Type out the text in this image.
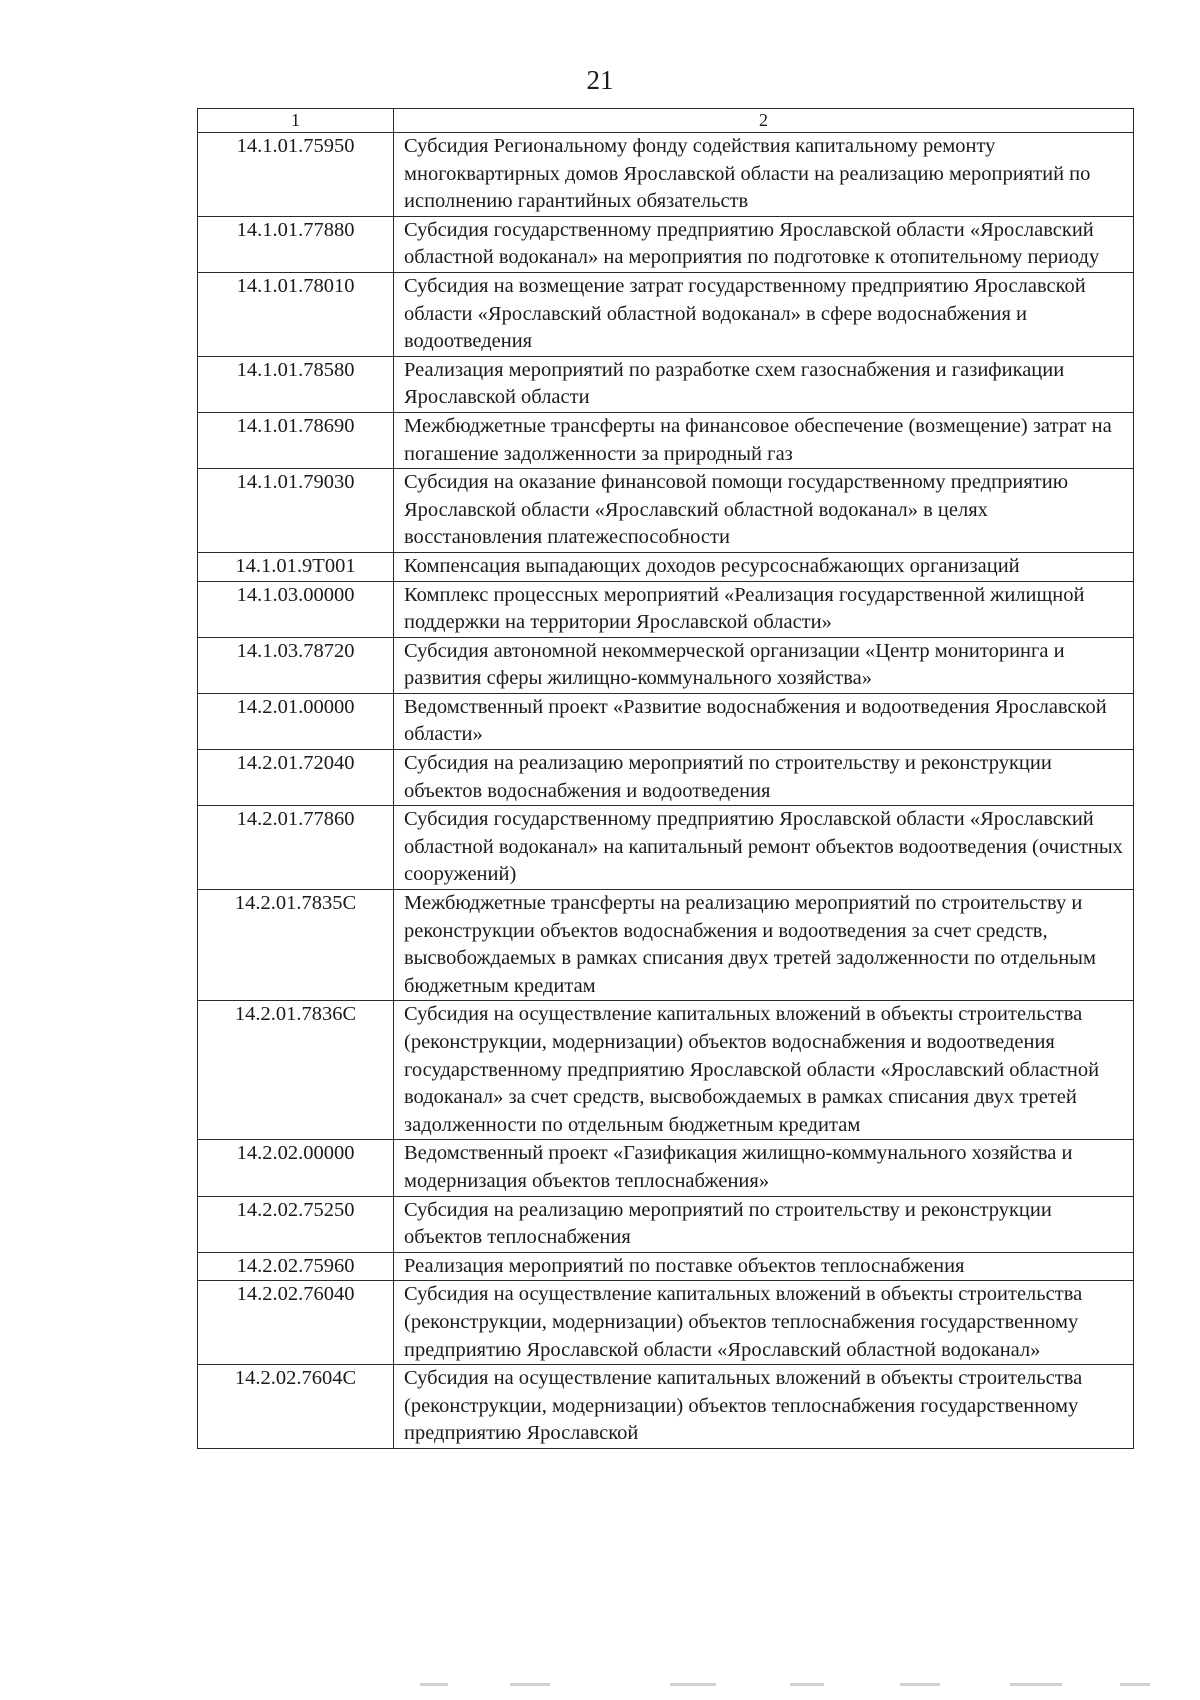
21
1	2
14.1.01.75950	Субсидия Региональному фонду содействия капитальному ремонту многоквартирных домов Ярославской области на реализацию мероприятий по исполнению гарантийных обязательств
14.1.01.77880	Субсидия государственному предприятию Ярославской области «Ярославский областной водоканал» на мероприятия по подготовке к отопительному периоду
14.1.01.78010	Субсидия на возмещение затрат государственному предприятию Ярославской области «Ярославский областной водоканал» в сфере водоснабжения и водоотведения
14.1.01.78580	Реализация мероприятий по разработке схем газоснабжения и газификации Ярославской области
14.1.01.78690	Межбюджетные трансферты на финансовое обеспечение (возмещение) затрат на погашение задолженности за природный газ
14.1.01.79030	Субсидия на оказание финансовой помощи государственному предприятию Ярославской области «Ярославский областной водоканал» в целях восстановления платежеспособности
14.1.01.9Т001	Компенсация выпадающих доходов ресурсоснабжающих организаций
14.1.03.00000	Комплекс процессных мероприятий «Реализация государственной жилищной поддержки на территории Ярославской области»
14.1.03.78720	Субсидия автономной некоммерческой организации «Центр мониторинга и развития сферы жилищно-коммунального хозяйства»
14.2.01.00000	Ведомственный проект «Развитие водоснабжения и водоотведения Ярославской области»
14.2.01.72040	Субсидия на реализацию мероприятий по строительству и реконструкции объектов водоснабжения и водоотведения
14.2.01.77860	Субсидия государственному предприятию Ярославской области «Ярославский областной водоканал» на капитальный ремонт объектов водоотведения (очистных сооружений)
14.2.01.7835С	Межбюджетные трансферты на реализацию мероприятий по строительству и реконструкции объектов водоснабжения и водоотведения за счет средств, высвобождаемых в рамках списания двух третей задолженности по отдельным бюджетным кредитам
14.2.01.7836С	Субсидия на осуществление капитальных вложений в объекты строительства (реконструкции, модернизации) объектов водоснабжения и водоотведения государственному предприятию Ярославской области «Ярославский областной водоканал» за счет средств, высвобождаемых в рамках списания двух третей задолженности по отдельным бюджетным кредитам
14.2.02.00000	Ведомственный проект «Газификация жилищно-коммунального хозяйства и модернизация объектов теплоснабжения»
14.2.02.75250	Субсидия на реализацию мероприятий по строительству и реконструкции объектов теплоснабжения
14.2.02.75960	Реализация мероприятий по поставке объектов теплоснабжения
14.2.02.76040	Субсидия на осуществление капитальных вложений в объекты строительства (реконструкции, модернизации) объектов теплоснабжения государственному предприятию Ярославской области «Ярославский областной водоканал»
14.2.02.7604С	Субсидия на осуществление капитальных вложений в объекты строительства (реконструкции, модернизации) объектов теплоснабжения государственному предприятию Ярославской
